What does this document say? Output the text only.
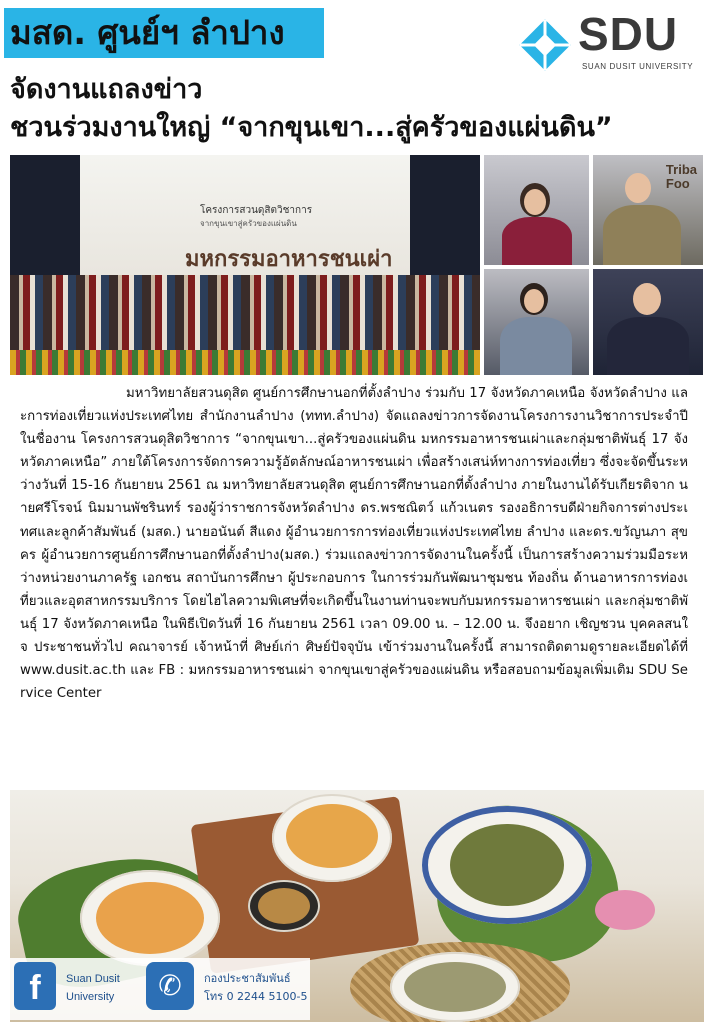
มสด. ศูนย์ฯ ลำปาง	SDU
SUAN DUSIT UNIVERSITY
จัดงานแถลงข่าว
ชวนร่วมงานใหญ่ “จากขุนเขา...สู่ครัวของแผ่นดิน”
โครงการสวนดุสิตวิชาการ
จากขุนเขาสู่ครัวของแผ่นดิน
มหกรรมอาหารชนเผ่า
Triba
Foo
มหาวิทยาลัยสวนดุสิต ศูนย์การศึกษานอกที่ตั้งลำปาง ร่วมกับ 17 จังหวัดภาคเหนือ จังหวัดลำปาง และการท่องเที่ยวแห่งประเทศไทย สำนักงานลำปาง (ททท.ลำปาง) จัดแถลงข่าวการจัดงานโครงการงานวิชาการประจำปี ในชื่องาน โครงการสวนดุสิตวิชาการ “จากขุนเขา...สู่ครัวของแผ่นดิน มหกรรมอาหารชนเผ่าและกลุ่มชาติพันธุ์ 17 จังหวัดภาคเหนือ” ภายใต้โครงการจัดการความรู้อัตลักษณ์อาหารชนเผ่า เพื่อสร้างเสน่ห์ทางการท่องเที่ยว ซึ่งจะจัดขึ้นระหว่างวันที่ 15-16 กันยายน 2561 ณ มหาวิทยาลัยสวนดุสิต ศูนย์การศึกษานอกที่ตั้งลำปาง ภายในงานได้รับเกียรติจาก นายศรีโรจน์ นิมมานพัชรินทร์ รองผู้ว่าราชการจังหวัดลำปาง ดร.พรชณิตว์ แก้วเนตร รองอธิการบดีฝ่ายกิจการต่างประเทศและลูกค้าสัมพันธ์ (มสด.) นายอนันต์ สีแดง ผู้อำนวยการการท่องเที่ยวแห่งประเทศไทย ลำปาง และดร.ขวัญนภา สุขคร ผู้อำนวยการศูนย์การศึกษานอกที่ตั้งลำปาง(มสด.) ร่วมแถลงข่าวการจัดงานในครั้งนี้ เป็นการสร้างความร่วมมือระหว่างหน่วยงานภาครัฐ เอกชน สถาบันการศึกษา ผู้ประกอบการ ในการร่วมกันพัฒนาชุมชน ท้องถิ่น ด้านอาหารการท่องเที่ยวและอุตสาหกรรมบริการ โดยไฮไลความพิเศษที่จะเกิดขึ้นในงานท่านจะพบกับมหกรรมอาหารชนเผ่า และกลุ่มชาติพันธุ์ 17 จังหวัดภาคเหนือ ในพิธีเปิดวันที่ 16 กันยายน 2561 เวลา 09.00 น. – 12.00 น. จึงอยาก เชิญชวน บุคคลสนใจ ประชาชนทั่วไป คณาจารย์ เจ้าหน้าที่ ศิษย์เก่า ศิษย์ปัจจุบัน เข้าร่วมงานในครั้งนี้ สามารถติดตามดูรายละเอียดได้ที่ www.dusit.ac.th และ FB : มหกรรมอาหารชนเผ่า จากขุนเขาสู่ครัวของแผ่นดิน หรือสอบถามข้อมูลเพิ่มเติม SDU Service Center
f	Suan Dusit
University	✆	กองประชาสัมพันธ์
โทร 0 2244 5100-5
